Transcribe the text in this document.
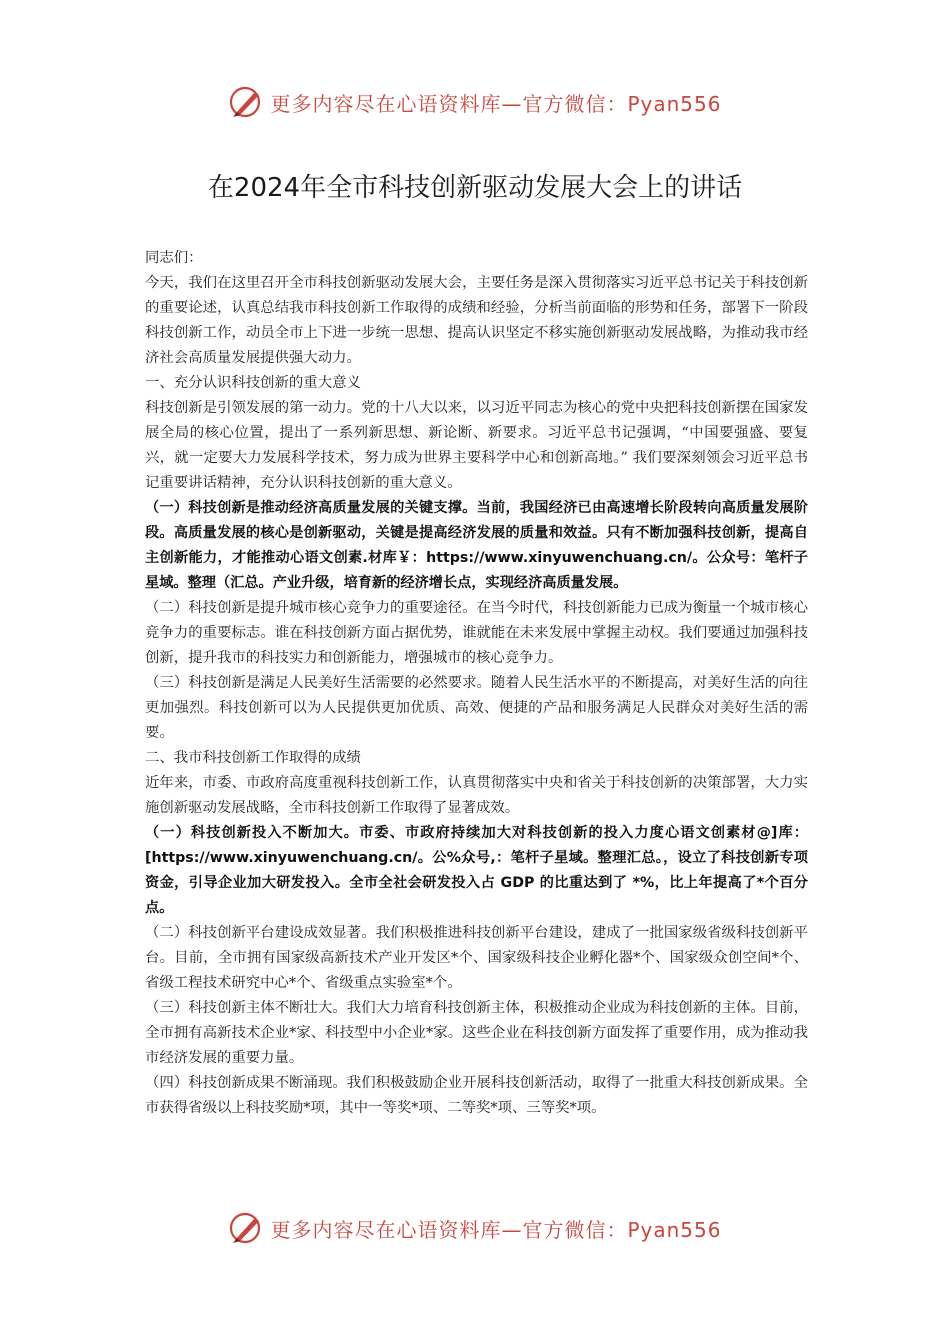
更多内容尽在心语资料库—官方微信：Pyan556
在2024年全市科技创新驱动发展大会上的讲话

同志们：

今天，我们在这里召开全市科技创新驱动发展大会，主要任务是深入贯彻落实习近平总书记关于科技创新的重要论述，认真总结我市科技创新工作取得的成绩和经验，分析当前面临的形势和任务，部署下一阶段科技创新工作，动员全市上下进一步统一思想、提高认识坚定不移实施创新驱动发展战略，为推动我市经济社会高质量发展提供强大动力。

一、充分认识科技创新的重大意义

科技创新是引领发展的第一动力。党的十八大以来，以习近平同志为核心的党中央把科技创新摆在国家发展全局的核心位置，提出了一系列新思想、新论断、新要求。习近平总书记强调，“中国要强盛、要复兴，就一定要大力发展科学技术，努力成为世界主要科学中心和创新高地。” 我们要深刻领会习近平总书记重要讲话精神，充分认识科技创新的重大意义。

（一）科技创新是推动经济高质量发展的关键支撑。当前，我国经济已由高速增长阶段转向高质量发展阶段。高质量发展的核心是创新驱动，关键是提高经济发展的质量和效益。只有不断加强科技创新，提高自主创新能力，才能推动心语文创素.材库￥：https://www.xinyuwenchuang.cn/。公众号：笔杆子星域。整理（汇总。产业升级，培育新的经济增长点，实现经济高质量发展。

（二）科技创新是提升城市核心竞争力的重要途径。在当今时代，科技创新能力已成为衡量一个城市核心竞争力的重要标志。谁在科技创新方面占据优势，谁就能在未来发展中掌握主动权。我们要通过加强科技创新，提升我市的科技实力和创新能力，增强城市的核心竞争力。

（三）科技创新是满足人民美好生活需要的必然要求。随着人民生活水平的不断提高，对美好生活的向往更加强烈。科技创新可以为人民提供更加优质、高效、便捷的产品和服务满足人民群众对美好生活的需要。

二、我市科技创新工作取得的成绩

近年来，市委、市政府高度重视科技创新工作，认真贯彻落实中央和省关于科技创新的决策部署，大力实施创新驱动发展战略，全市科技创新工作取得了显著成效。

（一）科技创新投入不断加大。市委、市政府持续加大对科技创新的投入力度心语文创素材@]库：[https://www.xinyuwenchuang.cn/。公%众号,：笔杆子星域。整理汇总。，设立了科技创新专项资金，引导企业加大研发投入。全市全社会研发投入占 GDP 的比重达到了 *%，比上年提高了*个百分点。

（二）科技创新平台建设成效显著。我们积极推进科技创新平台建设，建成了一批国家级省级科技创新平台。目前，全市拥有国家级高新技术产业开发区*个、国家级科技企业孵化器*个、国家级众创空间*个、省级工程技术研究中心*个、省级重点实验室*个。

（三）科技创新主体不断壮大。我们大力培育科技创新主体，积极推动企业成为科技创新的主体。目前，全市拥有高新技术企业*家、科技型中小企业*家。这些企业在科技创新方面发挥了重要作用，成为推动我市经济发展的重要力量。

（四）科技创新成果不断涌现。我们积极鼓励企业开展科技创新活动，取得了一批重大科技创新成果。全市获得省级以上科技奖励*项，其中一等奖*项、二等奖*项、三等奖*项。

更多内容尽在心语资料库—官方微信：Pyan556
